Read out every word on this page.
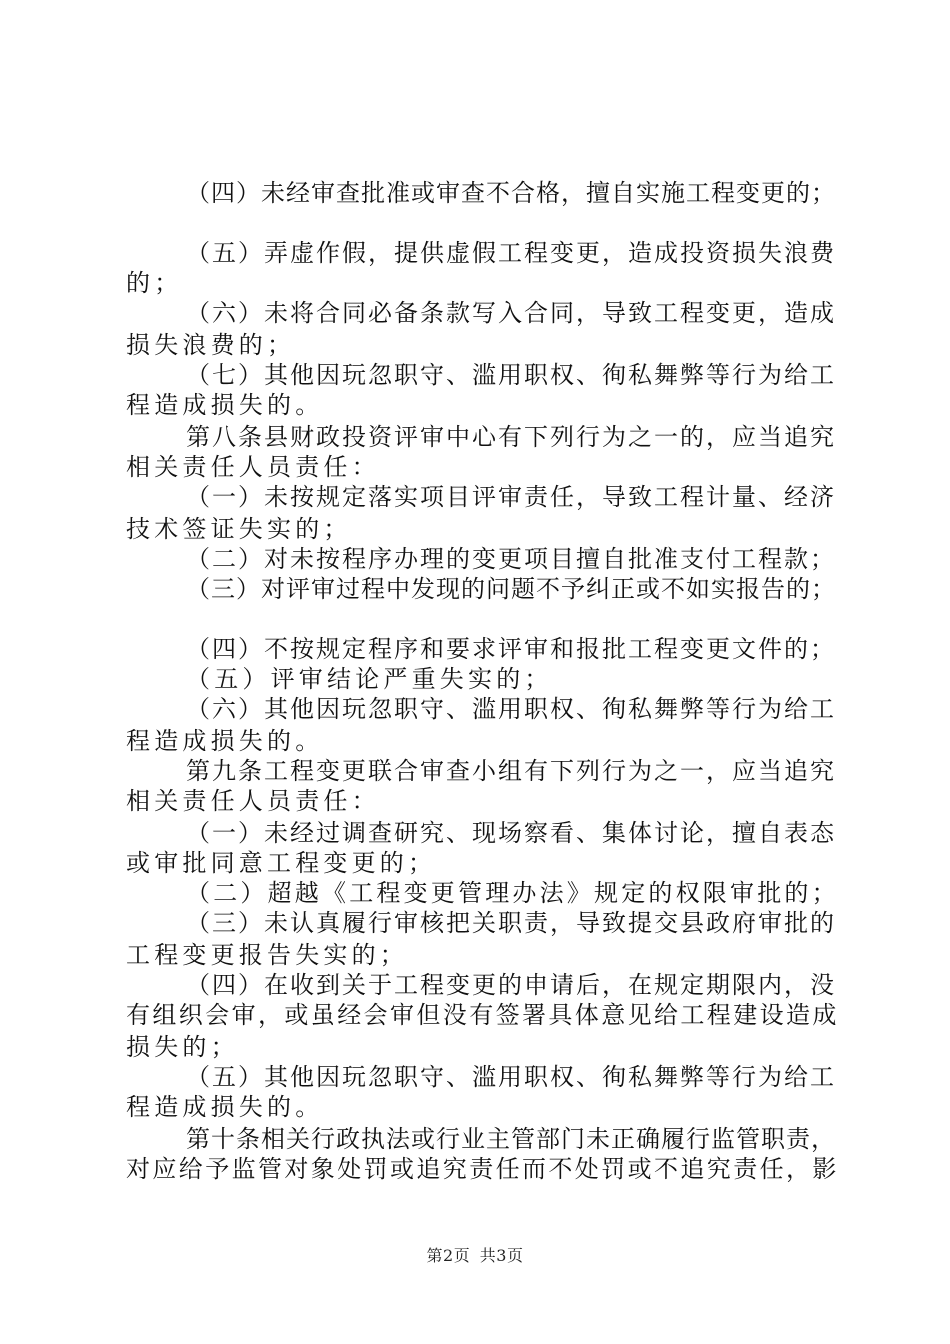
（四）未经审查批准或审查不合格，擅自实施工程变更的；
（五）弄虚作假，提供虚假工程变更，造成投资损失浪费
的；
（六）未将合同必备条款写入合同，导致工程变更，造成
损失浪费的；
（七）其他因玩忽职守、滥用职权、徇私舞弊等行为给工
程造成损失的。
第八条县财政投资评审中心有下列行为之一的，应当追究
相关责任人员责任：
（一）未按规定落实项目评审责任，导致工程计量、经济
技术签证失实的；
（二）对未按程序办理的变更项目擅自批准支付工程款；
（三）对评审过程中发现的问题不予纠正或不如实报告的；
（四）不按规定程序和要求评审和报批工程变更文件的；
（五）评审结论严重失实的；
（六）其他因玩忽职守、滥用职权、徇私舞弊等行为给工
程造成损失的。
第九条工程变更联合审查小组有下列行为之一，应当追究
相关责任人员责任：
（一）未经过调查研究、现场察看、集体讨论，擅自表态
或审批同意工程变更的；
（二）超越《工程变更管理办法》规定的权限审批的；
（三）未认真履行审核把关职责，导致提交县政府审批的
工程变更报告失实的；
（四）在收到关于工程变更的申请后，在规定期限内，没
有组织会审，或虽经会审但没有签署具体意见给工程建设造成
损失的；
（五）其他因玩忽职守、滥用职权、徇私舞弊等行为给工
程造成损失的。
第十条相关行政执法或行业主管部门未正确履行监管职责，
对应给予监管对象处罚或追究责任而不处罚或不追究责任，影
第2页 共3页
